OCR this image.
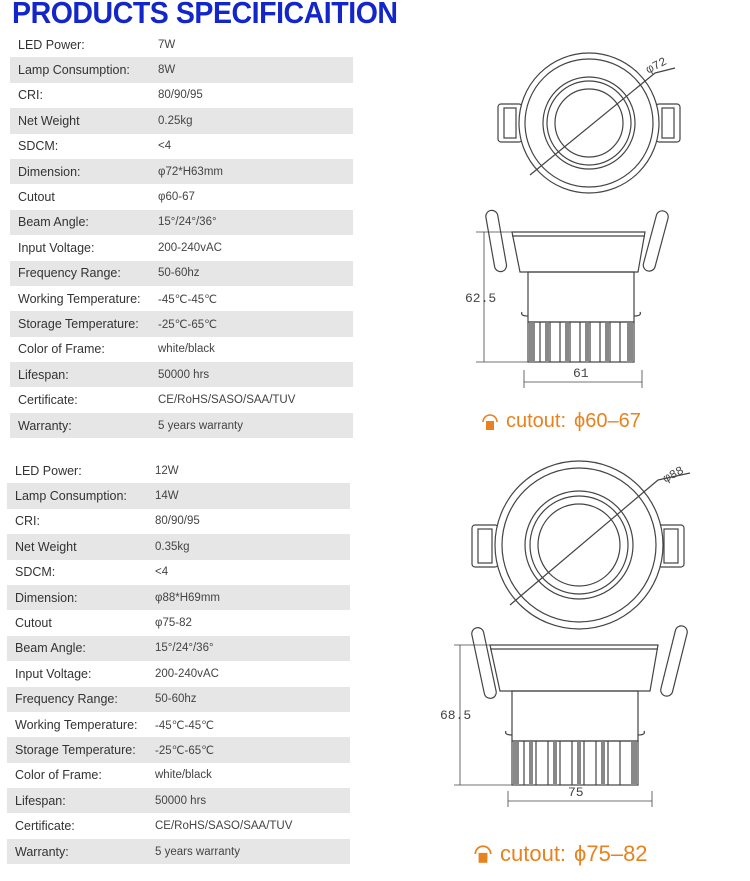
PRODUCTS SPECIFICAITION
LED Power:	7W
Lamp Consumption:	8W
CRI:	80/90/95
Net Weight	0.25kg
SDCM:	<4
Dimension:	φ72*H63mm
Cutout	φ60-67
Beam Angle:	15°/24°/36°
Input Voltage:	200-240vAC
Frequency Range:	50-60hz
Working Temperature:	-45℃-45℃
Storage Temperature:	-25℃-65℃
Color of Frame:	white/black
Lifespan:	50000 hrs
Certificate:	CE/RoHS/SASO/SAA/TUV
Warranty:	5 years warranty
LED Power:	12W
Lamp Consumption:	14W
CRI:	80/90/95
Net Weight	0.35kg
SDCM:	<4
Dimension:	φ88*H69mm
Cutout	φ75-82
Beam Angle:	15°/24°/36°
Input Voltage:	200-240vAC
Frequency Range:	50-60hz
Working Temperature:	-45℃-45℃
Storage Temperature:	-25℃-65℃
Color of Frame:	white/black
Lifespan:	50000 hrs
Certificate:	CE/RoHS/SASO/SAA/TUV
Warranty:	5 years warranty
φ72
62.5
61
cutout: ϕ60–67
φ88
68.5
75
cutout: ϕ75–82
